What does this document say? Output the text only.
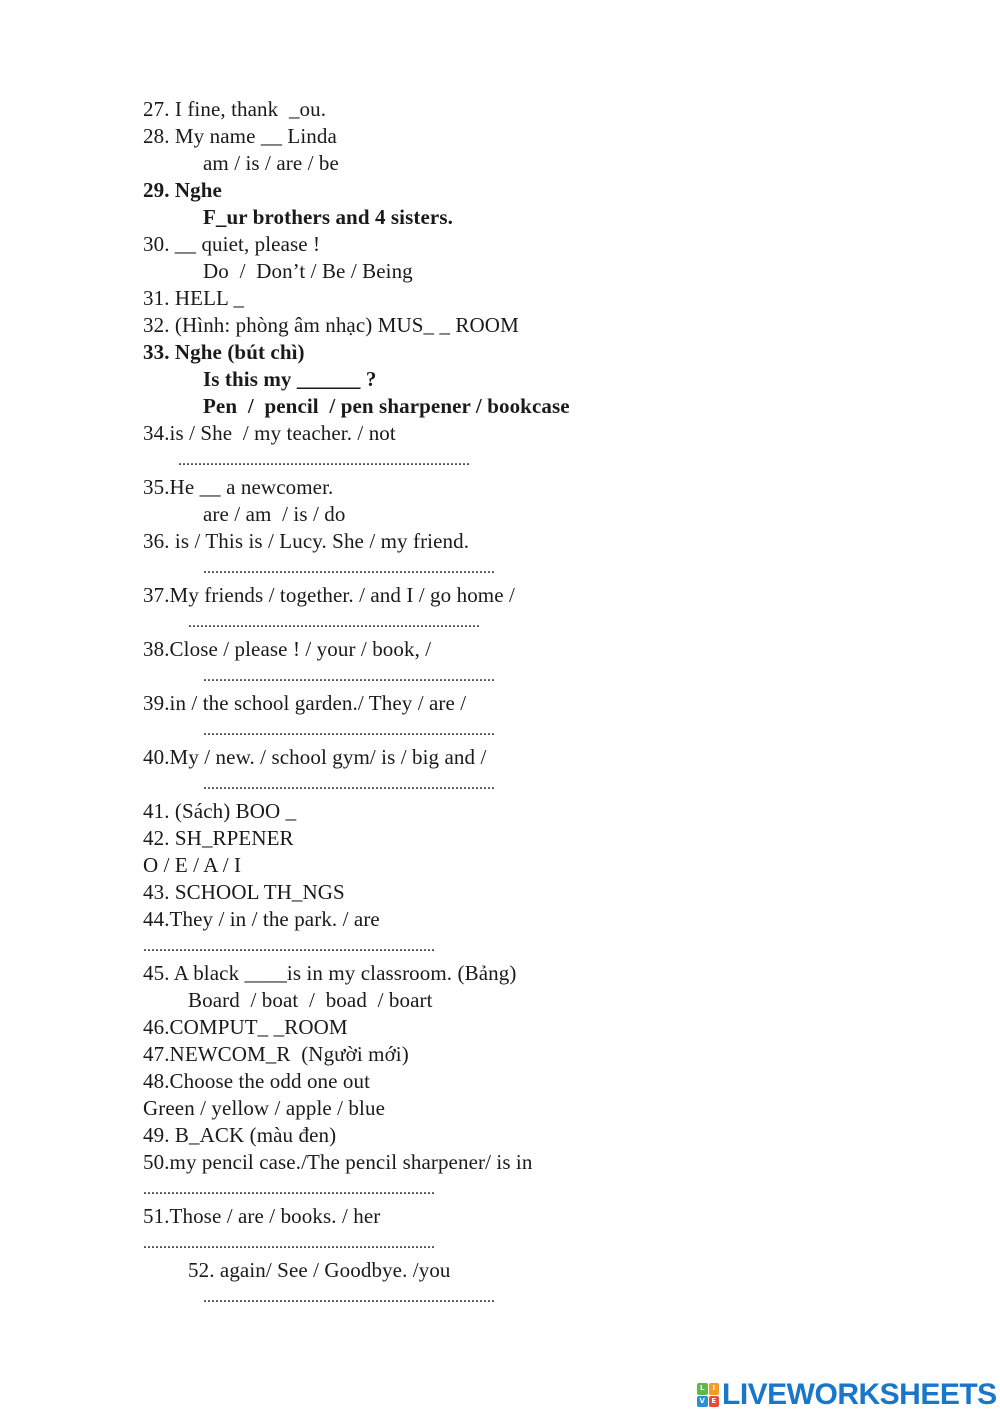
27. I fine, thank  _ou.
28. My name __ Linda
am / is / are / be
29. Nghe
F_ur brothers and 4 sisters.
30. __ quiet, please !
Do  /  Don’t / Be / Being
31. HELL _
32. (Hình: phòng âm nhạc) MUS_ _ ROOM
33. Nghe (bút chì)
Is this my ______ ?
Pen  /  pencil  / pen sharpener / bookcase
34.is / She  / my teacher. / not
.........................................................................
35.He __ a newcomer.
are / am  / is / do
36. is / This is / Lucy. She / my friend.
.........................................................................
37.My friends / together. / and I / go home /
.........................................................................
38.Close / please ! / your / book, /
.........................................................................
39.in / the school garden./ They / are /
.........................................................................
40.My / new. / school gym/ is / big and /
.........................................................................
41. (Sách) BOO _
42. SH_RPENER
O / E / A / I
43. SCHOOL TH_NGS
44.They / in / the park. / are
.........................................................................
45. A black ____is in my classroom. (Bảng)
Board  / boat  /  boad  / boart
46.COMPUT_ _ROOM
47.NEWCOM_R  (Người mới)
48.Choose the odd one out
Green / yellow / apple / blue
49. B_ACK (màu đen)
50.my pencil case./The pencil sharpener/ is in
.........................................................................
51.Those / are / books. / her
.........................................................................
52. again/ See / Goodbye. /you
.........................................................................
L	I
V E LIVEWORKSHEETS
